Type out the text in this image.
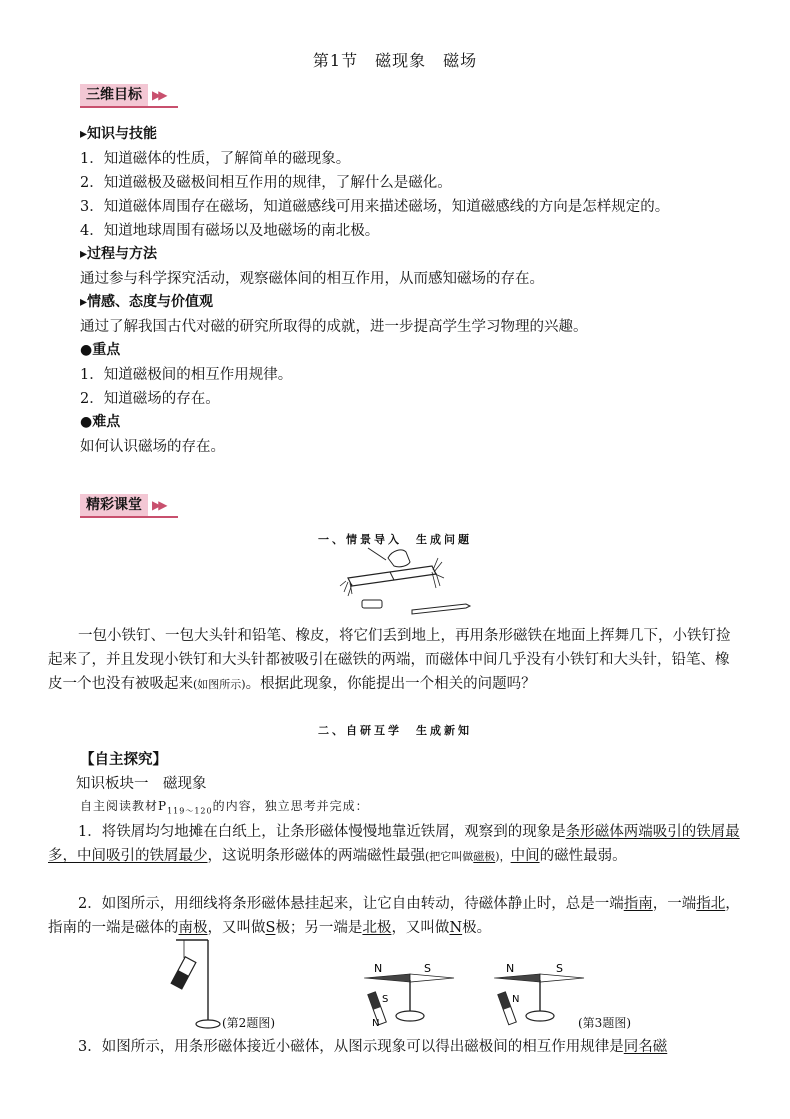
第1节　磁现象　磁场
三维目标 ▶▶
▸知识与技能
1．知道磁体的性质，了解简单的磁现象。
2．知道磁极及磁极间相互作用的规律，了解什么是磁化。
3．知道磁体周围存在磁场，知道磁感线可用来描述磁场，知道磁感线的方向是怎样规定的。
4．知道地球周围有磁场以及地磁场的南北极。
▸过程与方法
通过参与科学探究活动，观察磁体间的相互作用，从而感知磁场的存在。
▸情感、态度与价值观
通过了解我国古代对磁的研究所取得的成就，进一步提高学生学习物理的兴趣。
●重点
1．知道磁极间的相互作用规律。
2．知道磁场的存在。
●难点
如何认识磁场的存在。
精彩课堂 ▶▶
一、情景导入　生成问题
一包小铁钉、一包大头针和铅笔、橡皮，将它们丢到地上，再用条形磁铁在地面上挥舞几下，小铁钉捡起来了，并且发现小铁钉和大头针都被吸引在磁铁的两端，而磁体中间几乎没有小铁钉和大头针，铅笔、橡皮一个也没有被吸起来(如图所示)。根据此现象，你能提出一个相关的问题吗？
二、自研互学　生成新知
【自主探究】
知识板块一　磁现象
自主阅读教材$P_{119\sim 120}$的内容，独立思考并完成：
1．将铁屑均匀地摊在白纸上，让条形磁体慢慢地靠近铁屑，观察到的现象是条形磁体两端吸引的铁屑最多，中间吸引的铁屑最少，这说明条形磁体的两端磁性最强(把它叫做磁极)，中间的磁性最弱。
2．如图所示，用细线将条形磁体悬挂起来，让它自由转动，待磁体静止时，总是一端指南，一端指北，指南的一端是磁体的南极，又叫做S极；另一端是北极，又叫做N极。
(第2题图)
N	S
S
N
N	S
N
(第3题图)
3．如图所示，用条形磁体接近小磁体，从图示现象可以得出磁极间的相互作用规律是同名磁
